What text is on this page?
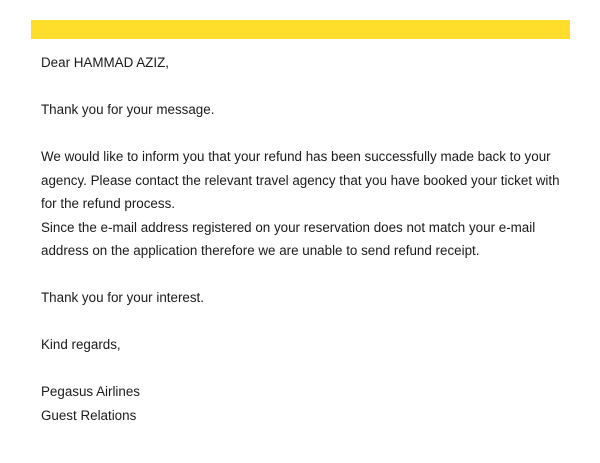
Dear HAMMAD AZIZ,

Thank you for your message.

We would like to inform you that your refund has been successfully made back to your agency. Please contact the relevant travel agency that you have booked your ticket with for the refund process.

Since the e-mail address registered on your reservation does not match your e-mail address on the application therefore we are unable to send refund receipt.

Thank you for your interest.

Kind regards,

Pegasus Airlines

Guest Relations
